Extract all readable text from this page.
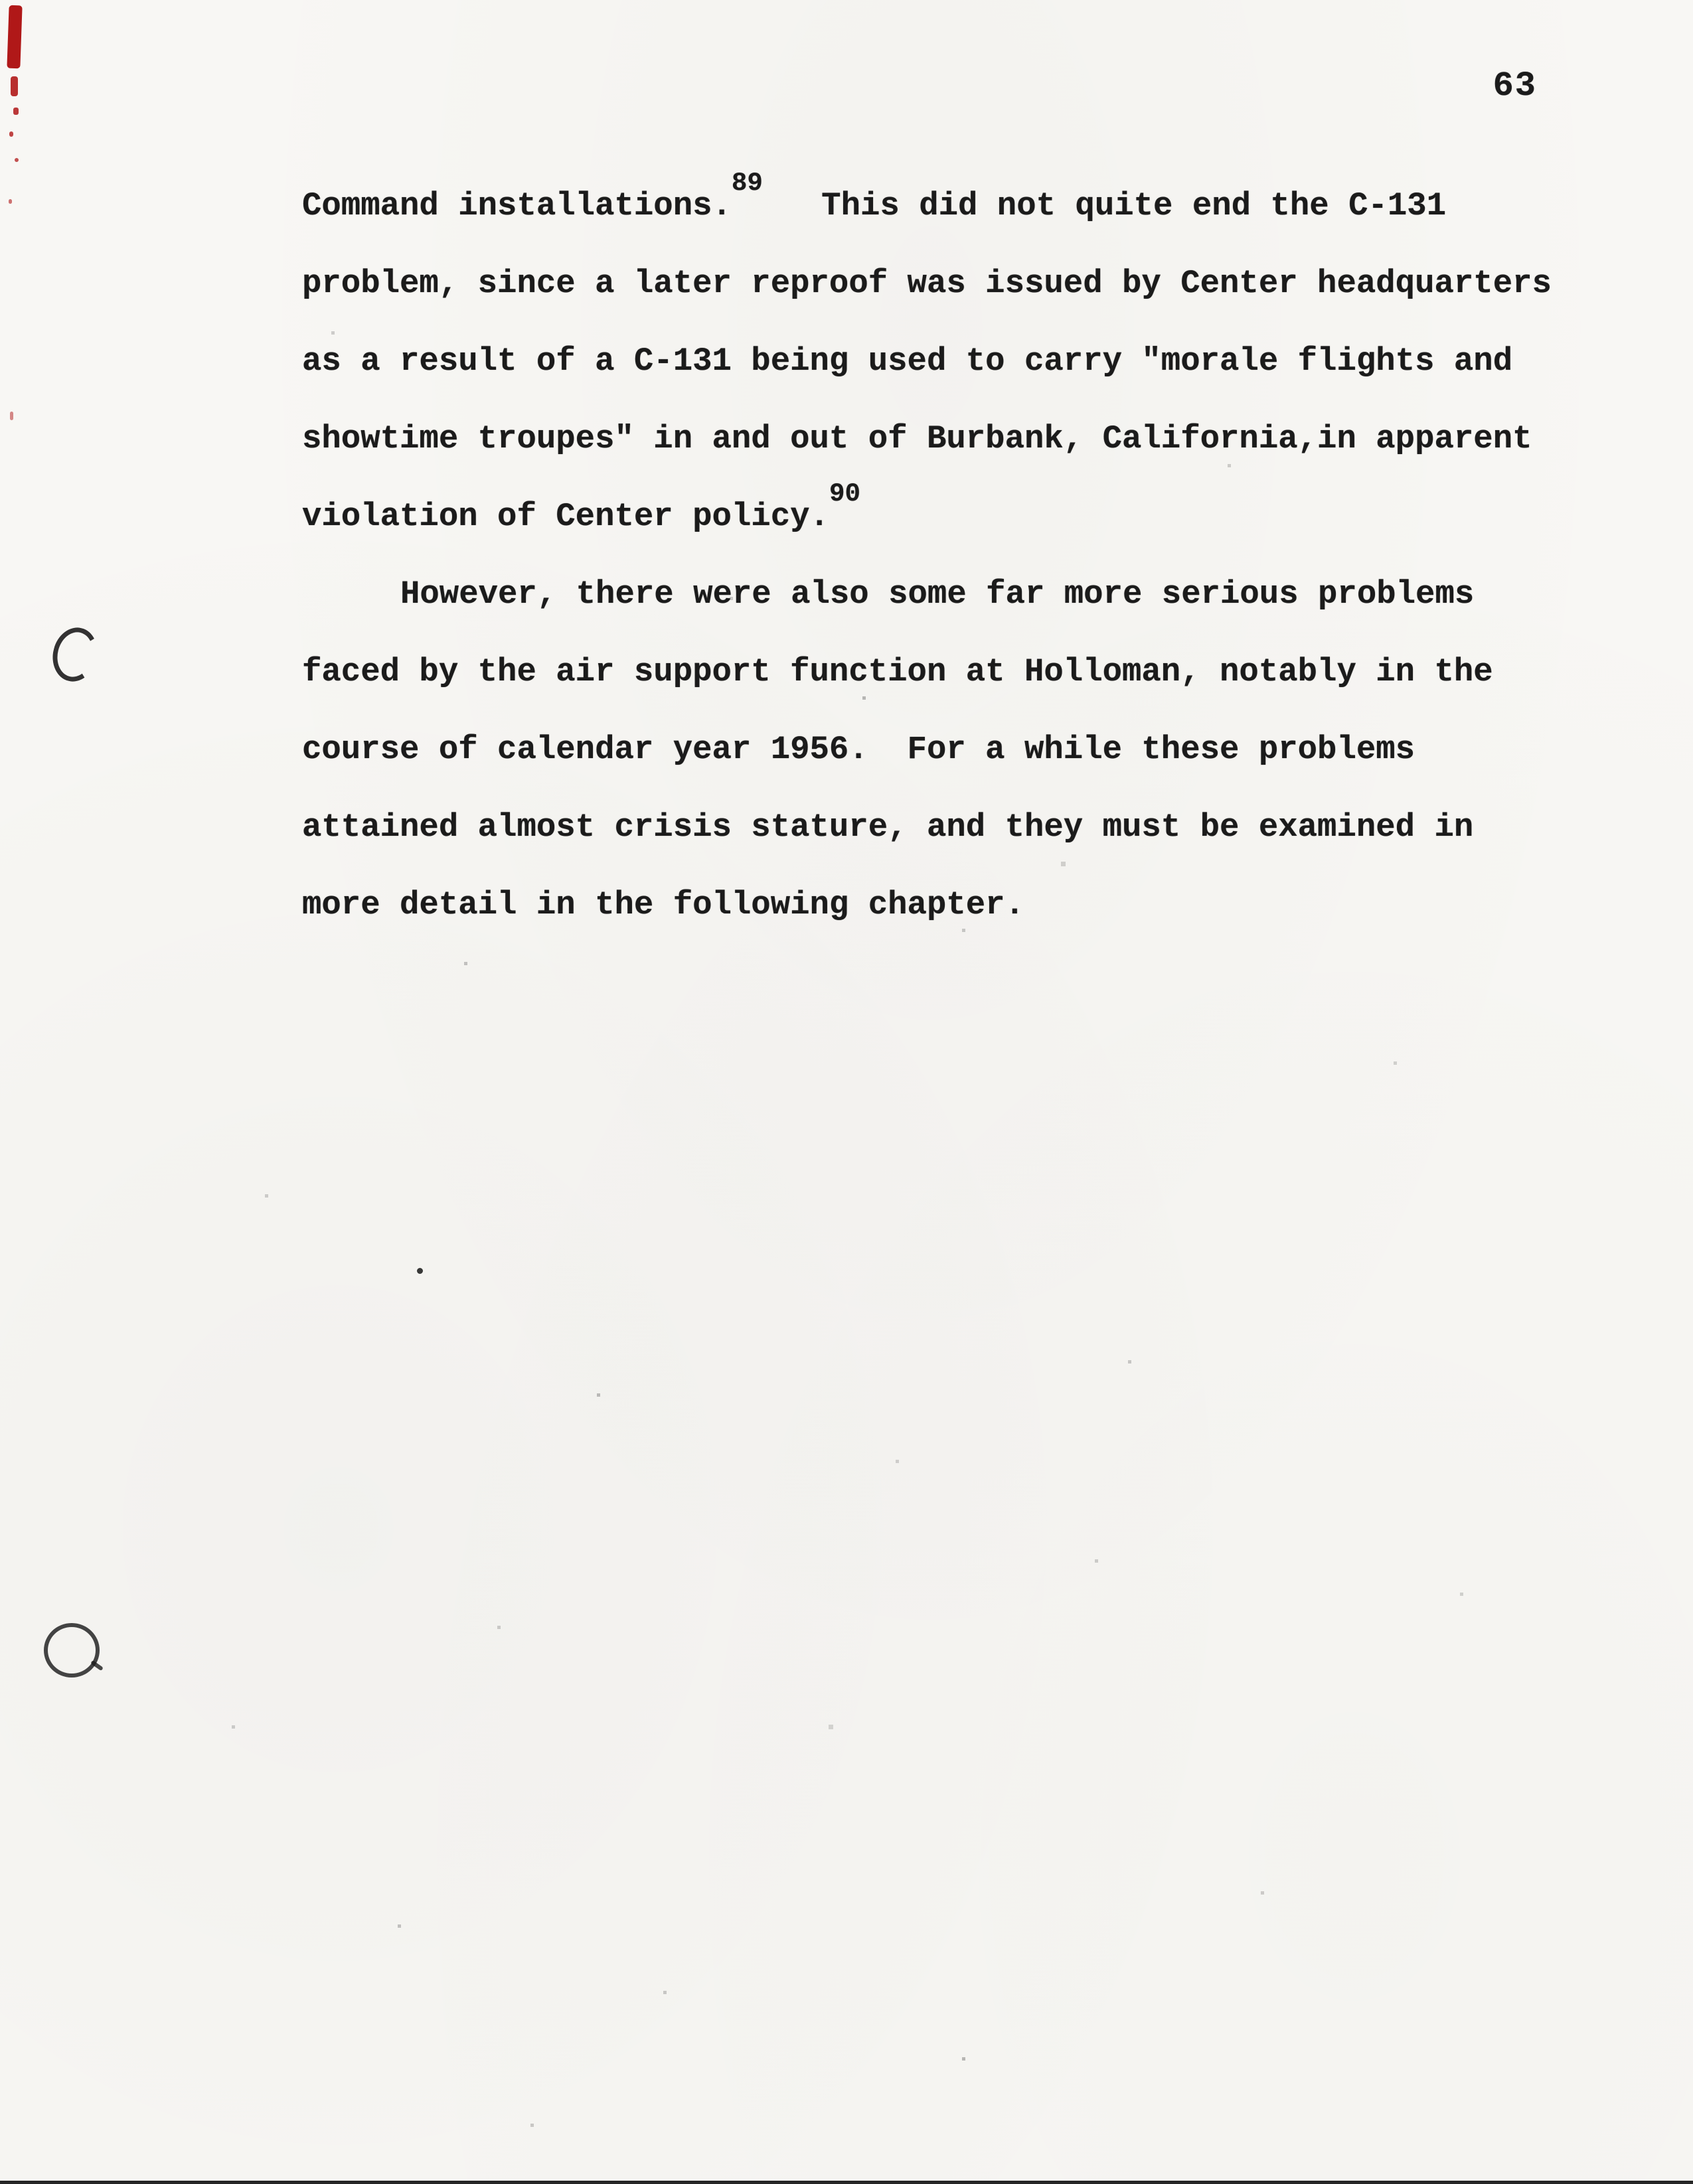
63
Command installations.$^{89}$   This did not quite end the C-131
problem, since a later reproof was issued by Center headquarters
as a result of a C-131 being used to carry "morale flights and
showtime troupes" in and out of Burbank, California,in apparent
violation of Center policy.$^{90}$
However, there were also some far more serious problems
faced by the air support function at Holloman, notably in the
course of calendar year 1956.  For a while these problems
attained almost crisis stature, and they must be examined in
more detail in the following chapter.
